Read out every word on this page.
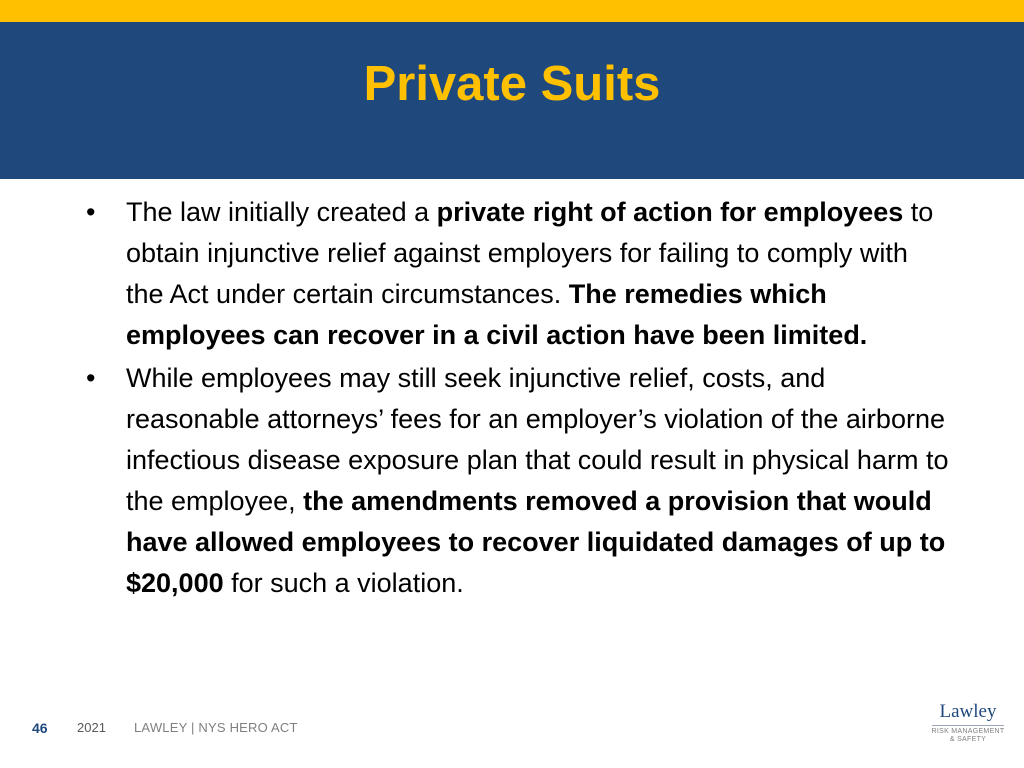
Private Suits
• The law initially created a private right of action for employees to obtain injunctive relief against employers for failing to comply with the Act under certain circumstances. The remedies which employees can recover in a civil action have been limited.
• While employees may still seek injunctive relief, costs, and reasonable attorneys’ fees for an employer’s violation of the airborne infectious disease exposure plan that could result in physical harm to the employee, the amendments removed a provision that would have allowed employees to recover liquidated damages of up to $20,000 for such a violation.
46 2021 LAWLEY | NYS HERO ACT
Lawley
RISK MANAGEMENT
& SAFETY
